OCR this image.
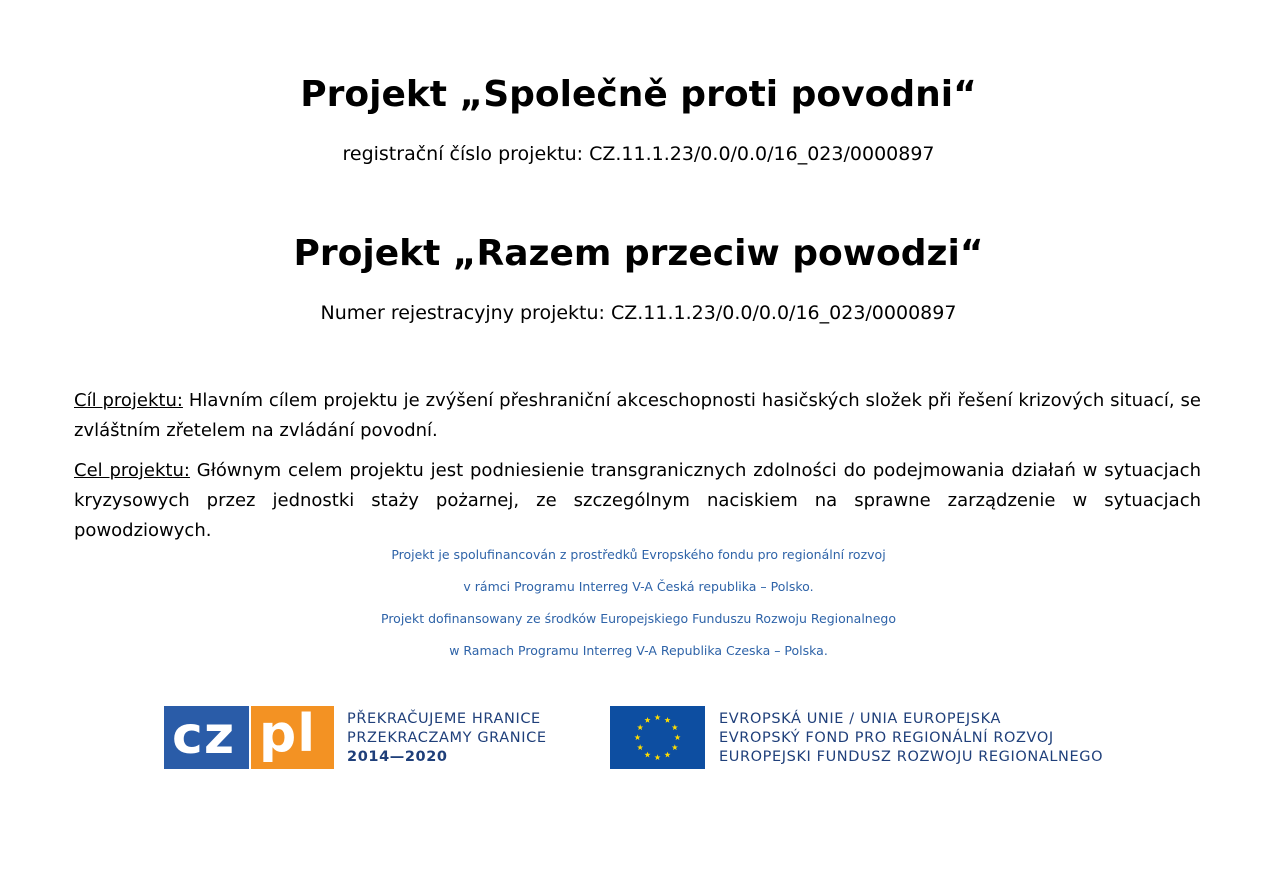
Projekt „Společně proti povodni“
registrační číslo projektu: CZ.11.1.23/0.0/0.0/16_023/0000897
Projekt „Razem przeciw powodzi“
Numer rejestracyjny projektu: CZ.11.1.23/0.0/0.0/16_023/0000897
Cíl projektu: Hlavním cílem projektu je zvýšení přeshraniční akceschopnosti hasičských složek při řešení krizových situací, se zvláštním zřetelem na zvládání povodní.
Cel projektu: Głównym celem projektu jest podniesienie transgranicznych zdolności do podejmowania działań w sytuacjach kryzysowych przez jednostki staży pożarnej, ze szczególnym naciskiem na sprawne zarządzenie w sytuacjach powodziowych.
Projekt je spolufinancován z prostředků Evropského fondu pro regionální rozvoj
v rámci Programu Interreg V-A Česká republika – Polsko.
Projekt dofinansowany ze środków Europejskiego Funduszu Rozwoju Regionalnego
w Ramach Programu Interreg V-A Republika Czeska – Polska.
cz pl PŘEKRAČUJEME HRANICE
PRZEKRACZAMY GRANICE
2014—2020
EVROPSKÁ UNIE / UNIA EUROPEJSKA
EVROPSKÝ FOND PRO REGIONÁLNÍ ROZVOJ
EUROPEJSKI FUNDUSZ ROZWOJU REGIONALNEGO
